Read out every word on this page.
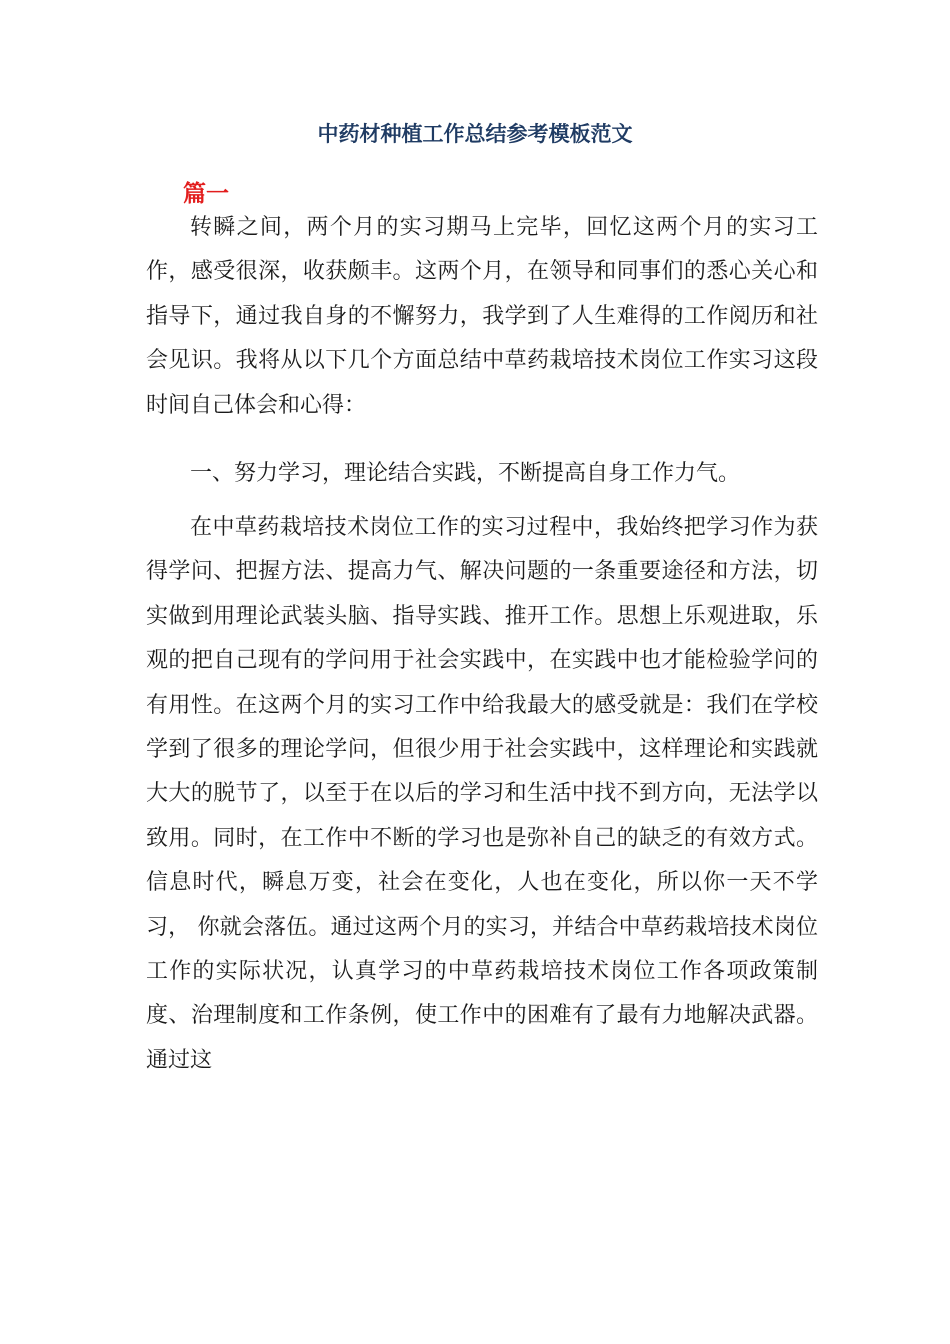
中药材种植工作总结参考模板范文
篇一

转瞬之间，两个月的实习期马上完毕，回忆这两个月的实习工作，感受很深，收获颇丰。这两个月，在领导和同事们的悉心关心和指导下，通过我自身的不懈努力，我学到了人生难得的工作阅历和社会见识。我将从以下几个方面总结中草药栽培技术岗位工作实习这段时间自己体会和心得：

一、努力学习，理论结合实践，不断提高自身工作力气。

在中草药栽培技术岗位工作的实习过程中，我始终把学习作为获得学问、把握方法、提高力气、解决问题的一条重要途径和方法，切实做到用理论武装头脑、指导实践、推开工作。思想上乐观进取，乐观的把自己现有的学问用于社会实践中，在实践中也才能检验学问的有用性。在这两个月的实习工作中给我最大的感受就是：我们在学校学到了很多的理论学问，但很少用于社会实践中，这样理论和实践就大大的脱节了，以至于在以后的学习和生活中找不到方向，无法学以致用。同时，在工作中不断的学习也是弥补自己的缺乏的有效方式。信息时代，瞬息万变，社会在变化，人也在变化，所以你一天不学习， 你就会落伍。通过这两个月的实习，并结合中草药栽培技术岗位工作的实际状况，认真学习的中草药栽培技术岗位工作各项政策制度、治理制度和工作条例，使工作中的困难有了最有力地解决武器。通过这
